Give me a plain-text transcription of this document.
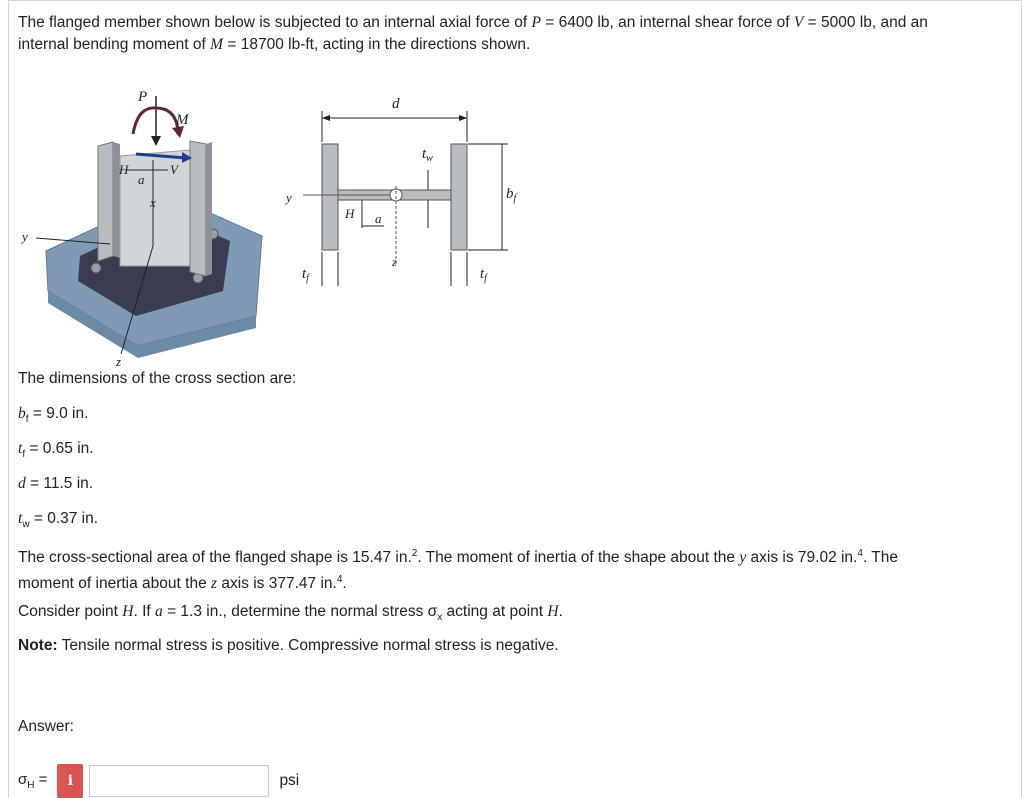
The flanged member shown below is subjected to an internal axial force of P = 6400 lb, an internal shear force of V = 5000 lb, and an
internal bending moment of M = 18700 lb-ft, acting in the directions shown.

P
M
H
a
V
x
y
z
d
$t_w$
$b_f$
y
H a
z
$t_f$	$t_f$

The dimensions of the cross section are:

$b_f = 9.0$ in.

$t_f = 0.65$ in.

d = 11.5 in.

$t_w = 0.37$ in.

The cross-sectional area of the flanged shape is 15.47 in.$^2$. The moment of inertia of the shape about the y axis is 79.02 in.$^4$. The
moment of inertia about the z axis is 377.47 in.$^4$.

Consider point H. If a = 1.3 in., determine the normal stress $\sigma_x$ acting at point H.

Note: Tensile normal stress is positive. Compressive normal stress is negative.

Answer:

$\sigma_H$ =	i	psi
